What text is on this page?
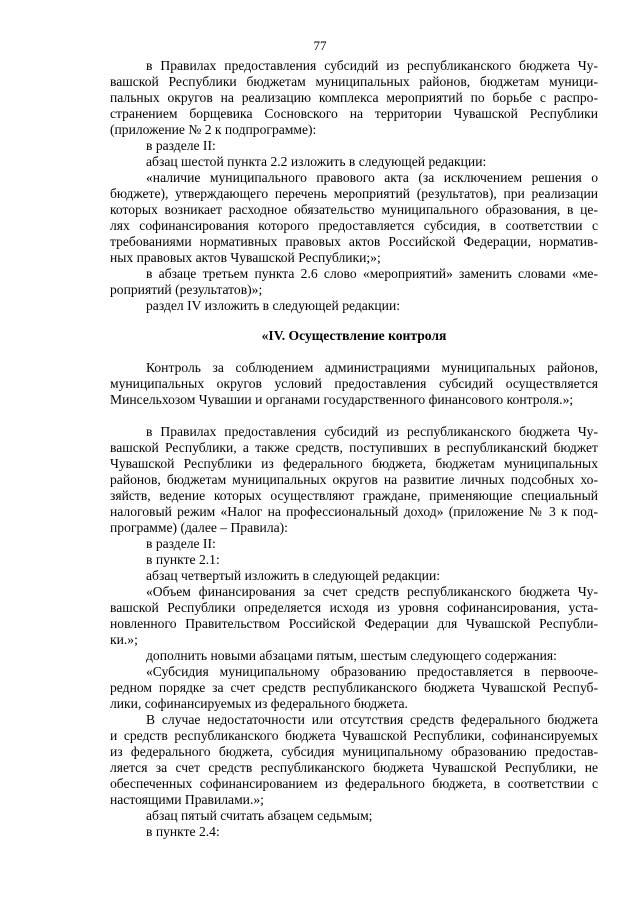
77
в Правилах предоставления субсидий из республиканского бюджета Чу-
вашской Республики бюджетам муниципальных районов, бюджетам муници-
пальных округов на реализацию комплекса мероприятий по борьбе с распро-
странением борщевика Сосновского на территории Чувашской Республики
(приложение № 2 к подпрограмме):
в разделе II:
абзац шестой пункта 2.2 изложить в следующей редакции:
«наличие муниципального правового акта (за исключением решения о
бюджете), утверждающего перечень мероприятий (результатов), при реализации
которых возникает расходное обязательство муниципального образования, в це-
лях софинансирования которого предоставляется субсидия, в соответствии с
требованиями нормативных правовых актов Российской Федерации, норматив-
ных правовых актов Чувашской Республики;»;
в абзаце третьем пункта 2.6 слово «мероприятий» заменить словами «ме-
роприятий (результатов)»;
раздел IV изложить в следующей редакции:
«IV. Осуществление контроля
Контроль за соблюдением администрациями муниципальных районов,
муниципальных округов условий предоставления субсидий осуществляется
Минсельхозом Чувашии и органами государственного финансового контроля.»;
в Правилах предоставления субсидий из республиканского бюджета Чу-
вашской Республики, а также средств, поступивших в республиканский бюджет
Чувашской Республики из федерального бюджета, бюджетам муниципальных
районов, бюджетам муниципальных округов на развитие личных подсобных хо-
зяйств, ведение которых осуществляют граждане, применяющие специальный
налоговый режим «Налог на профессиональный доход» (приложение № 3 к под-
программе) (далее – Правила):
в разделе II:
в пункте 2.1:
абзац четвертый изложить в следующей редакции:
«Объем финансирования за счет средств республиканского бюджета Чу-
вашской Республики определяется исходя из уровня софинансирования, уста-
новленного Правительством Российской Федерации для Чувашской Республи-
ки.»;
дополнить новыми абзацами пятым, шестым следующего содержания:
«Субсидия муниципальному образованию предоставляется в первооче-
редном порядке за счет средств республиканского бюджета Чувашской Респуб-
лики, софинансируемых из федерального бюджета.
В случае недостаточности или отсутствия средств федерального бюджета
и средств республиканского бюджета Чувашской Республики, софинансируемых
из федерального бюджета, субсидия муниципальному образованию предостав-
ляется за счет средств республиканского бюджета Чувашской Республики, не
обеспеченных софинансированием из федерального бюджета, в соответствии с
настоящими Правилами.»;
абзац пятый считать абзацем седьмым;
в пункте 2.4:
